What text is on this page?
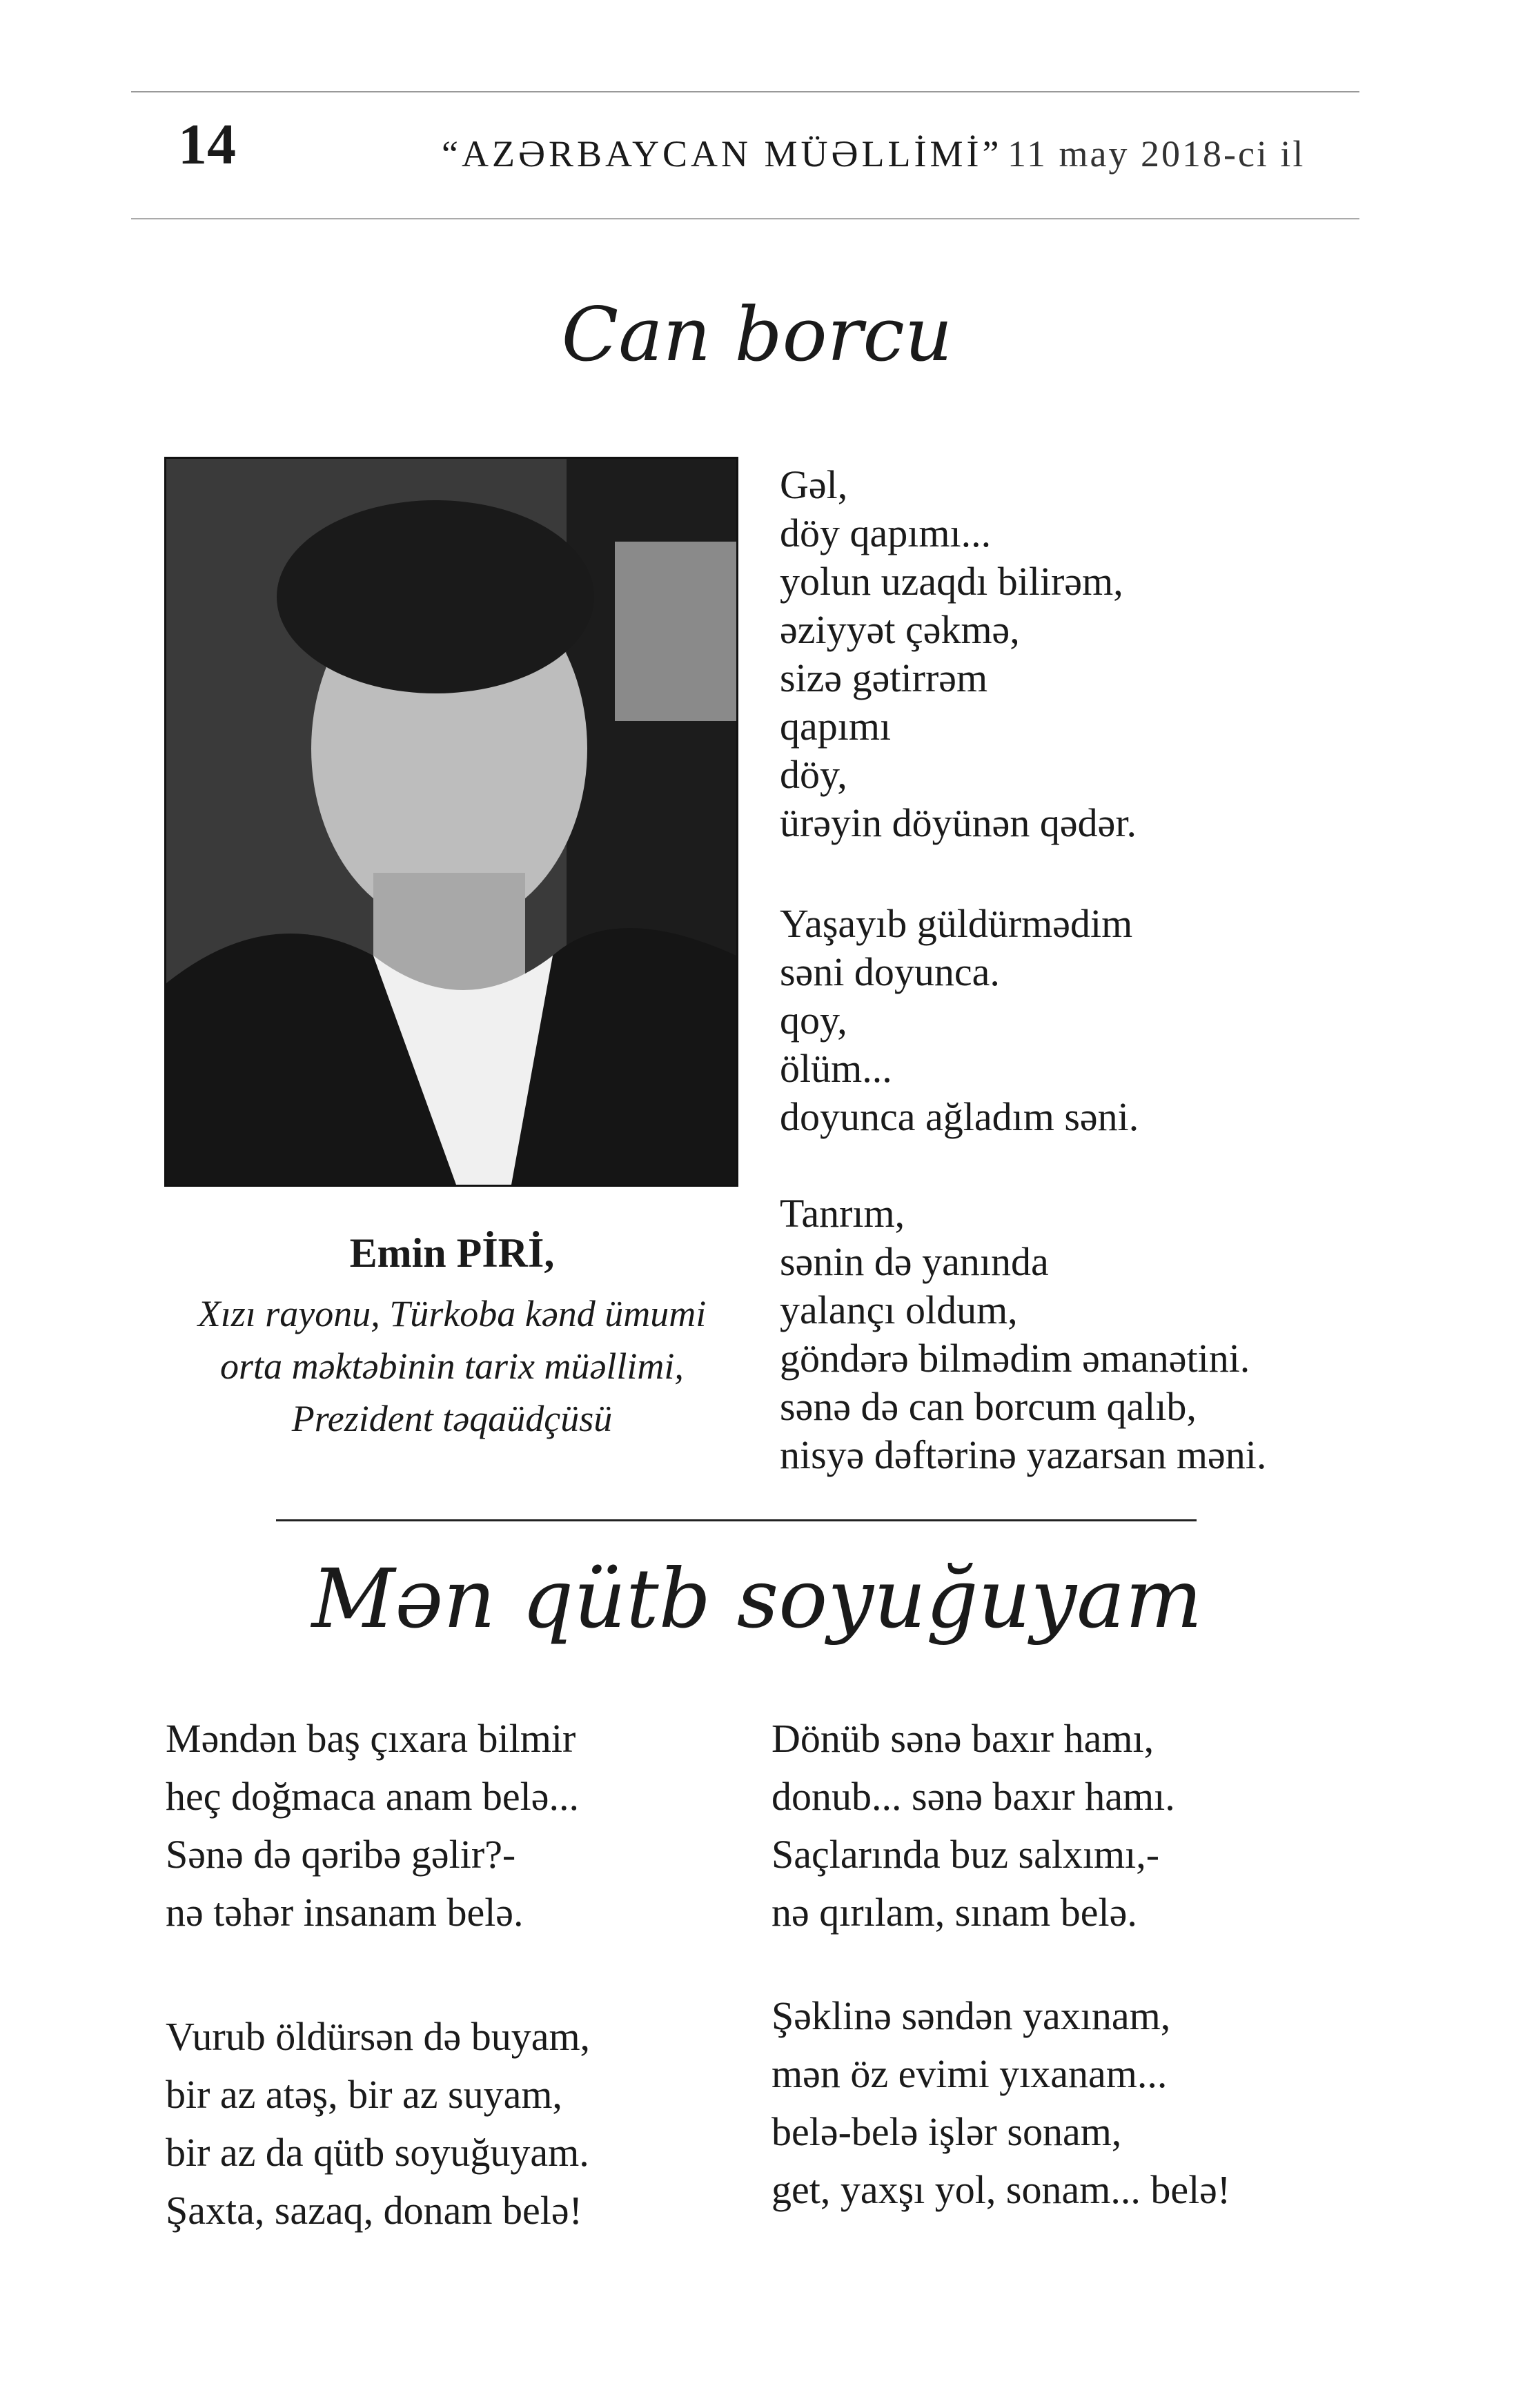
14	“AZƏRBAYCAN MÜƏLLİMİ” 11 may 2018-ci il
Can borcu
Emin PİRİ,
Xızı rayonu, Türkoba kənd ümumi
orta məktəbinin tarix müəllimi,
Prezident təqaüdçüsü
Gəl,
döy qapımı...
yolun uzaqdı bilirəm,
əziyyət çəkmə,
sizə gətirrəm
qapımı
döy,
ürəyin döyünən qədər.
Yaşayıb güldürmədim
səni doyunca.
qoy,
ölüm...
doyunca ağladım səni.
Tanrım,
sənin də yanında
yalançı oldum,
göndərə bilmədim əmanətini.
sənə də can borcum qalıb,
nisyə dəftərinə yazarsan məni.
Mən qütb soyuğuyam
Məndən baş çıxara bilmir
heç doğmaca anam belə...
Sənə də qəribə gəlir?-
nə təhər insanam belə.
Vurub öldürsən də buyam,
bir az atəş, bir az suyam,
bir az da qütb soyuğuyam.
Şaxta, sazaq, donam belə!
Dönüb sənə baxır hamı,
donub... sənə baxır hamı.
Saçlarında buz salxımı,-
nə qırılam, sınam belə.
Şəklinə səndən yaxınam,
mən öz evimi yıxanam...
belə-belə işlər sonam,
get, yaxşı yol, sonam... belə!
